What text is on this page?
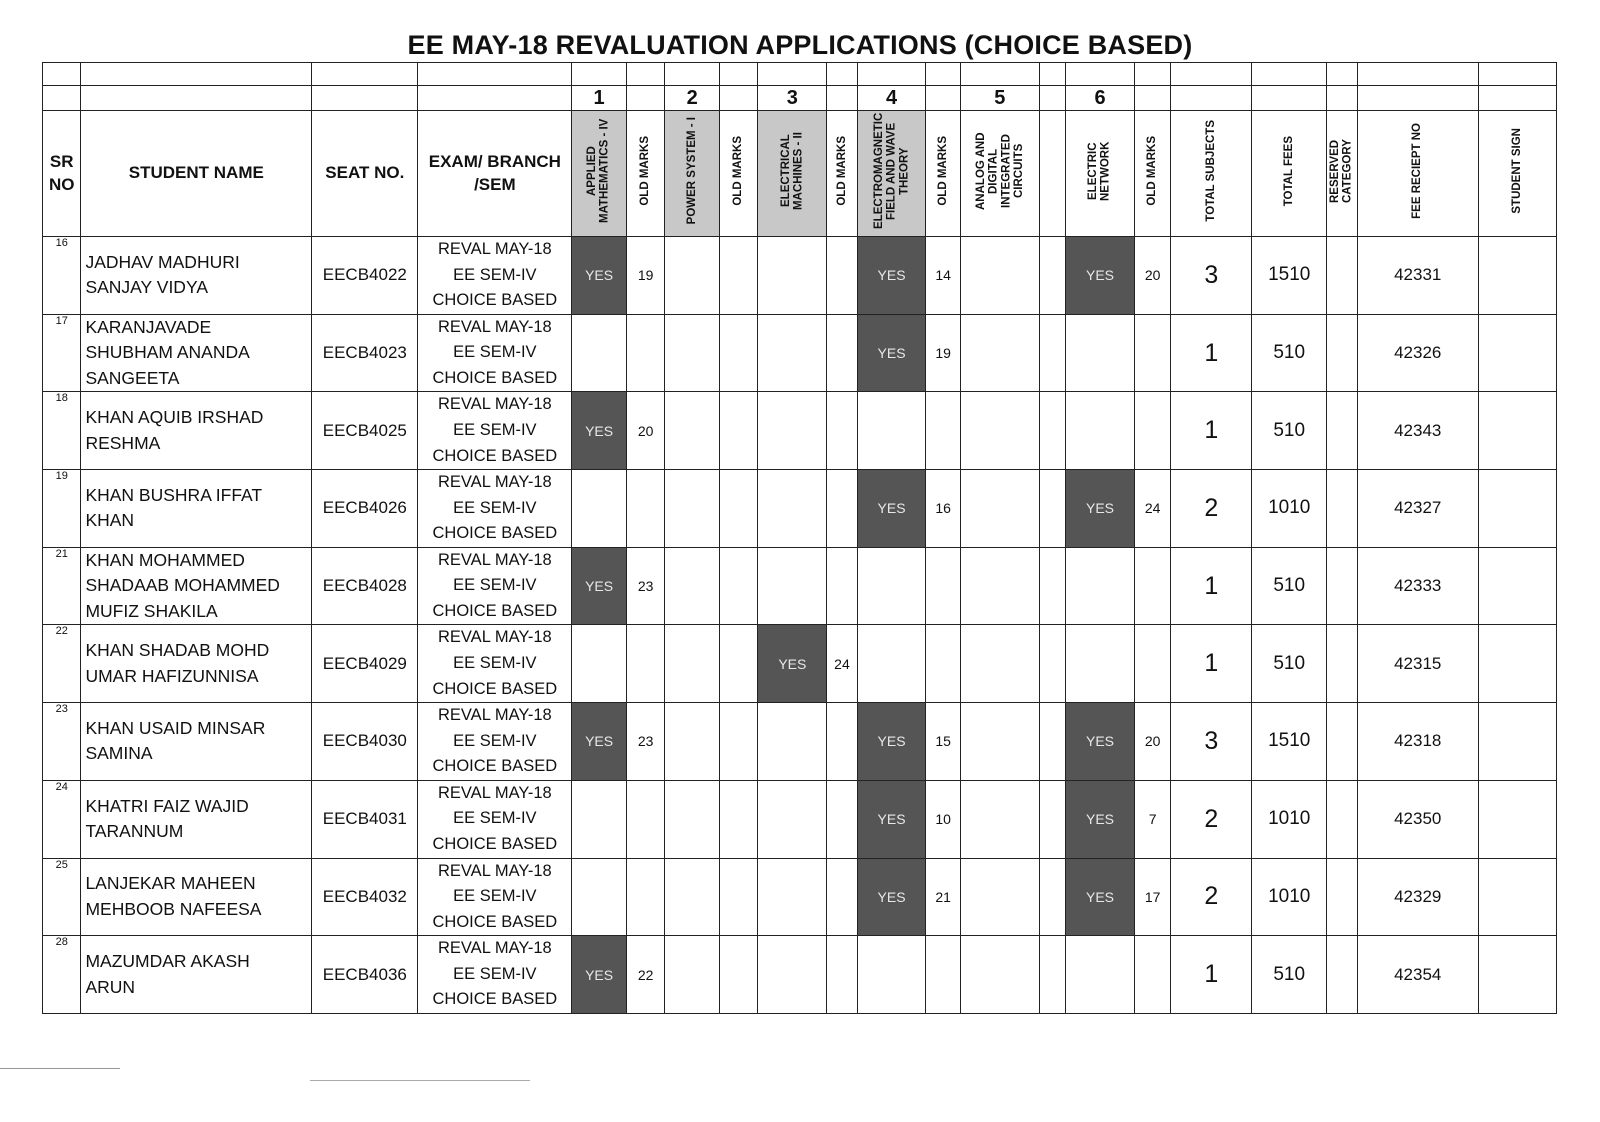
EE MAY-18 REVALUATION APPLICATIONS (CHOICE BASED)

				1		2		3		4		5		6						
SR NO	STUDENT NAME	SEAT NO.	EXAM/ BRANCH /SEM	APPLIED MATHEMATICS - IV	OLD MARKS	POWER SYSTEM - I	OLD MARKS	ELECTRICAL MACHINES - II	OLD MARKS	ELECTROMAGNETIC FIELD AND WAVE THEORY	OLD MARKS	ANALOG AND DIGITAL INTEGRATED CIRCUITS		ELECTRIC NETWORK	OLD MARKS	TOTAL SUBJECTS	TOTAL FEES	RESERVED CATEGORY	FEE RECIEPT NO	STUDENT SIGN
16	JADHAV MADHURI
SANJAY VIDYA	EECB4022	REVAL MAY-18
EE SEM-IV
CHOICE BASED	YES	19					YES	14			YES	20	3	1510		42331	
17	KARANJAVADE
SHUBHAM ANANDA
SANGEETA	EECB4023	REVAL MAY-18
EE SEM-IV
CHOICE BASED							YES	19					1	510		42326	
18	KHAN AQUIB IRSHAD
RESHMA	EECB4025	REVAL MAY-18
EE SEM-IV
CHOICE BASED	YES	20											1	510		42343	
19	KHAN BUSHRA IFFAT
KHAN	EECB4026	REVAL MAY-18
EE SEM-IV
CHOICE BASED							YES	16			YES	24	2	1010		42327	
21	KHAN MOHAMMED
SHADAAB MOHAMMED
MUFIZ SHAKILA	EECB4028	REVAL MAY-18
EE SEM-IV
CHOICE BASED	YES	23											1	510		42333	
22	KHAN SHADAB MOHD
UMAR HAFIZUNNISA	EECB4029	REVAL MAY-18
EE SEM-IV
CHOICE BASED					YES	24							1	510		42315	
23	KHAN USAID MINSAR
SAMINA	EECB4030	REVAL MAY-18
EE SEM-IV
CHOICE BASED	YES	23					YES	15			YES	20	3	1510		42318	
24	KHATRI FAIZ WAJID
TARANNUM	EECB4031	REVAL MAY-18
EE SEM-IV
CHOICE BASED							YES	10			YES	7	2	1010		42350	
25	LANJEKAR MAHEEN
MEHBOOB NAFEESA	EECB4032	REVAL MAY-18
EE SEM-IV
CHOICE BASED							YES	21			YES	17	2	1010		42329	
28	MAZUMDAR AKASH
ARUN	EECB4036	REVAL MAY-18
EE SEM-IV
CHOICE BASED	YES	22											1	510		42354	
